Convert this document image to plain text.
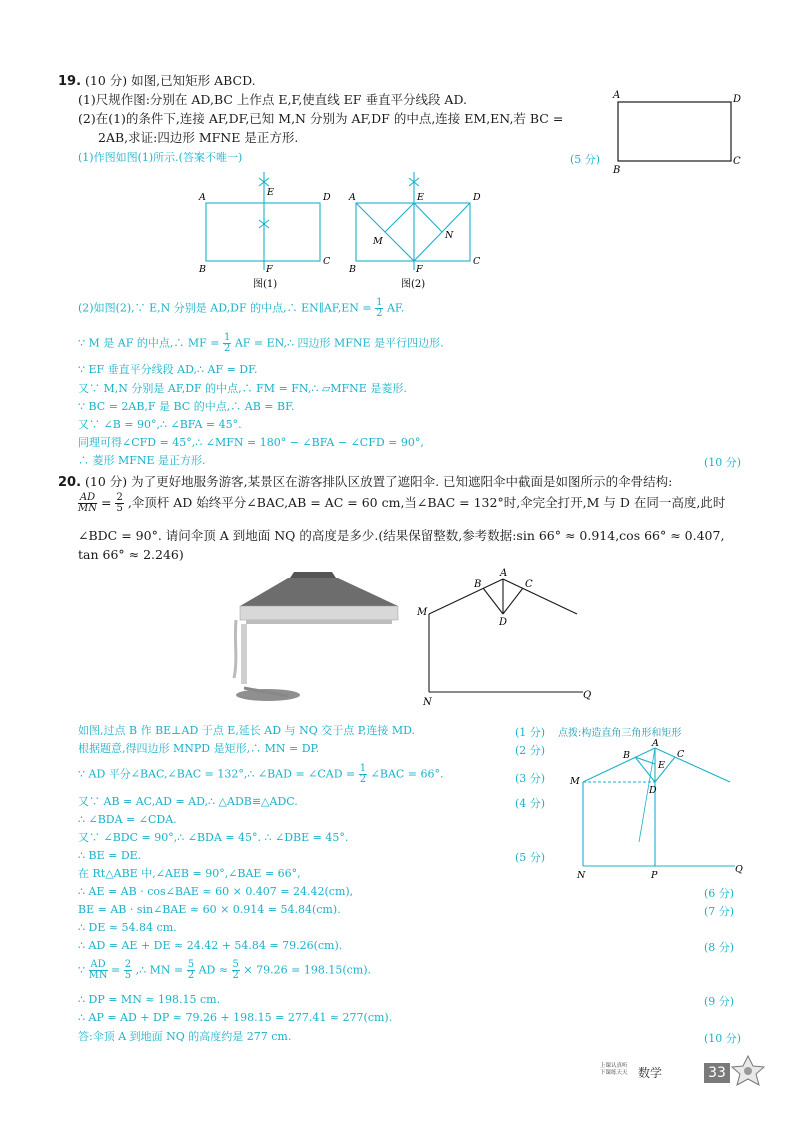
19. (10 分) 如图,已知矩形 ABCD.
(1)尺规作图:分别在 AD,BC 上作点 E,F,使直线 EF 垂直平分线段 AD.
(2)在(1)的条件下,连接 AF,DF,已知 M,N 分别为 AF,DF 的中点,连接 EM,EN,若 BC =
2AB,求证:四边形 MFNE 是正方形.
A	D
B
C
(1)作图如图(1)所示.(答案不唯一)	(5 分)
A	D
B
C
E
F
图(1)
A	D
B
C
E
F
M
N
图(2)
(2)如图(2),∵ E,N 分别是 AD,DF 的中点,∴ EN∥AF,EN = $\frac{1}{2}$ AF.
∵ M 是 AF 的中点,∴ MF = $\frac{1}{2}$ AF = EN,∴ 四边形 MFNE 是平行四边形.
∵ EF 垂直平分线段 AD,∴ AF = DF.
又∵ M,N 分别是 AF,DF 的中点,∴ FM = FN,∴ ▱MFNE 是菱形.
∵ BC = 2AB,F 是 BC 的中点,∴ AB = BF.
又∵ ∠B = 90°,∴ ∠BFA = 45°.
同理可得∠CFD = 45°,∴ ∠MFN = 180° − ∠BFA − ∠CFD = 90°,
∴ 菱形 MFNE 是正方形.	(10 分)
20. (10 分) 为了更好地服务游客,某景区在游客排队区放置了遮阳伞. 已知遮阳伞中截面是如图所示的伞骨结构:
$\frac{AD}{MN} = \frac{2}{5}$ ,伞顶杆 AD 始终平分∠BAC,AB = AC = 60 cm,当∠BAC = 132°时,伞完全打开,M 与 D 在同一高度,此时
∠BDC = 90°. 请问伞顶 A 到地面 NQ 的高度是多少.(结果保留整数,参考数据:sin 66° ≈ 0.914,cos 66° ≈ 0.407,
tan 66° ≈ 2.246)
A
B	C
D
M
N
Q
如图,过点 B 作 BE⊥AD 于点 E,延长 AD 与 NQ 交于点 P,连接 MD.	(1 分) 点拨:构造直角三角形和矩形
根据题意,得四边形 MNPD 是矩形,∴ MN = DP.	(2 分)
∵ AD 平分∠BAC,∠BAC = 132°,∴ ∠BAD = ∠CAD = $\frac{1}{2}$ ∠BAC = 66°.	(3 分)
又∵ AB = AC,AD = AD,∴ △ADB≌△ADC.	(4 分)
∴ ∠BDA = ∠CDA.
又∵ ∠BDC = 90°,∴ ∠BDA = 45°. ∴ ∠DBE = 45°.
∴ BE = DE.	(5 分)
在 Rt△ABE 中,∠AEB = 90°,∠BAE = 66°,
∴ AE = AB · cos∠BAE ≈ 60 × 0.407 = 24.42(cm),	(6 分)
BE = AB · sin∠BAE ≈ 60 × 0.914 = 54.84(cm).	(7 分)
∴ DE ≈ 54.84 cm.
∴ AD = AE + DE ≈ 24.42 + 54.84 = 79.26(cm).	(8 分)
∵ $\frac{AD}{MN} = \frac{2}{5}$ ,∴ MN = $\frac{5}{2}$ AD ≈ $\frac{5}{2} \times 79.26 = 198.15(cm)$.
∴ DP = MN ≈ 198.15 cm.	(9 分)
∴ AP = AD + DP ≈ 79.26 + 198.15 = 277.41 ≈ 277(cm).
答:伞顶 A 到地面 NQ 的高度约是 277 cm.	(10 分)
A
B	C
D
E
M
N	P
Q
上课认真听
下课练天天 数学	33
